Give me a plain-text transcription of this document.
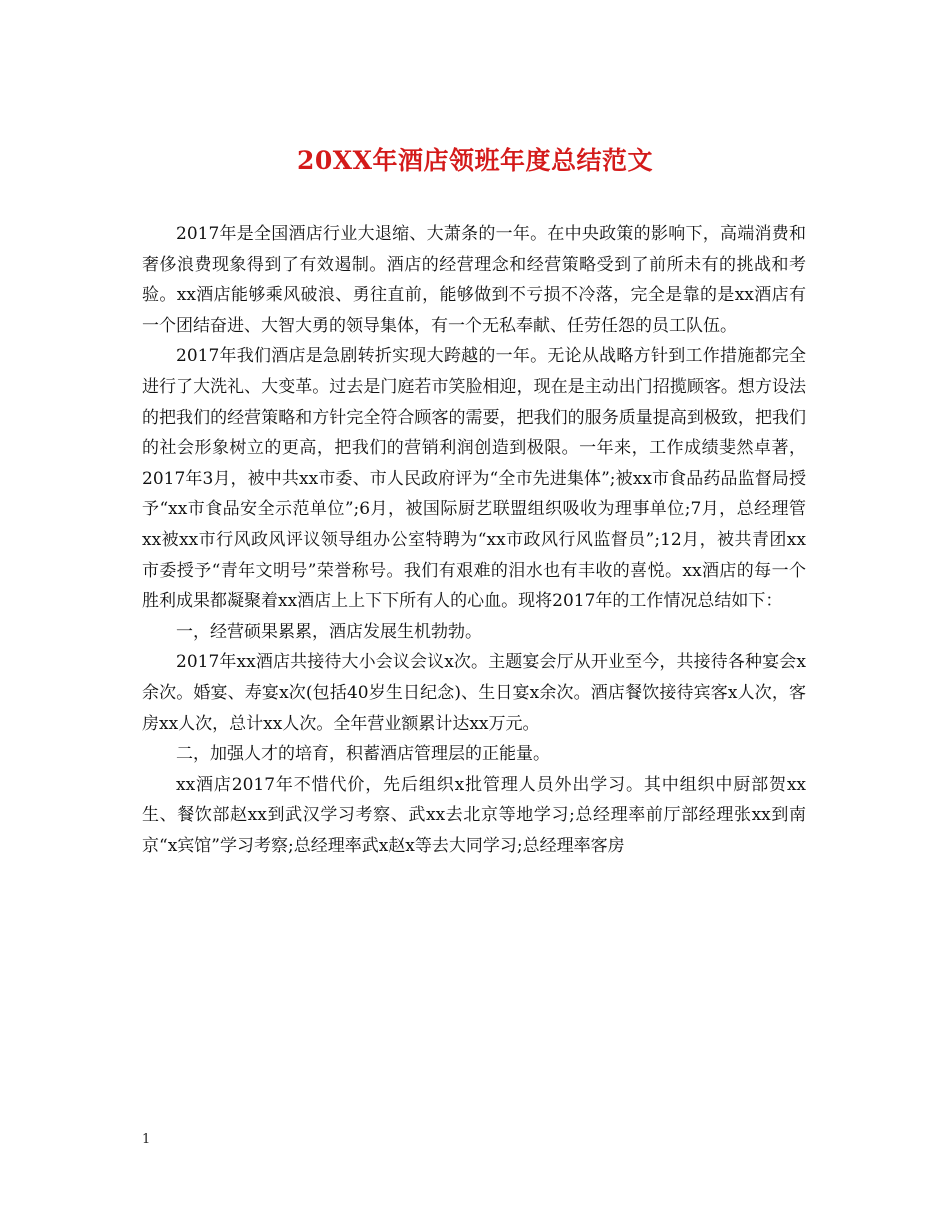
20XX年酒店领班年度总结范文

2017年是全国酒店行业大退缩、大萧条的一年。在中央政策的影响下，高端消费和奢侈浪费现象得到了有效遏制。酒店的经营理念和经营策略受到了前所未有的挑战和考验。xx酒店能够乘风破浪、勇往直前，能够做到不亏损不冷落，完全是靠的是xx酒店有一个团结奋进、大智大勇的领导集体，有一个无私奉献、任劳任怨的员工队伍。

2017年我们酒店是急剧转折实现大跨越的一年。无论从战略方针到工作措施都完全进行了大洗礼、大变革。过去是门庭若市笑脸相迎，现在是主动出门招揽顾客。想方设法的把我们的经营策略和方针完全符合顾客的需要，把我们的服务质量提高到极致，把我们的社会形象树立的更高，把我们的营销利润创造到极限。一年来，工作成绩斐然卓著，2017年3月，被中共xx市委、市人民政府评为“全市先进集体”;被xx市食品药品监督局授予“xx市食品安全示范单位”;6月，被国际厨艺联盟组织吸收为理事单位;7月，总经理管xx被xx市行风政风评议领导组办公室特聘为“xx市政风行风监督员”;12月，被共青团xx市委授予“青年文明号”荣誉称号。我们有艰难的泪水也有丰收的喜悦。xx酒店的每一个胜利成果都凝聚着xx酒店上上下下所有人的心血。现将2017年的工作情况总结如下：

一，经营硕果累累，酒店发展生机勃勃。

2017年xx酒店共接待大小会议会议x次。主题宴会厅从开业至今，共接待各种宴会x余次。婚宴、寿宴x次(包括40岁生日纪念)、生日宴x余次。酒店餐饮接待宾客x人次，客房xx人次，总计xx人次。全年营业额累计达xx万元。

二，加强人才的培育，积蓄酒店管理层的正能量。

xx酒店2017年不惜代价，先后组织x批管理人员外出学习。其中组织中厨部贺xx生、餐饮部赵xx到武汉学习考察、武xx去北京等地学习;总经理率前厅部经理张xx到南京“x宾馆”学习考察;总经理率武x赵x等去大同学习;总经理率客房

1
